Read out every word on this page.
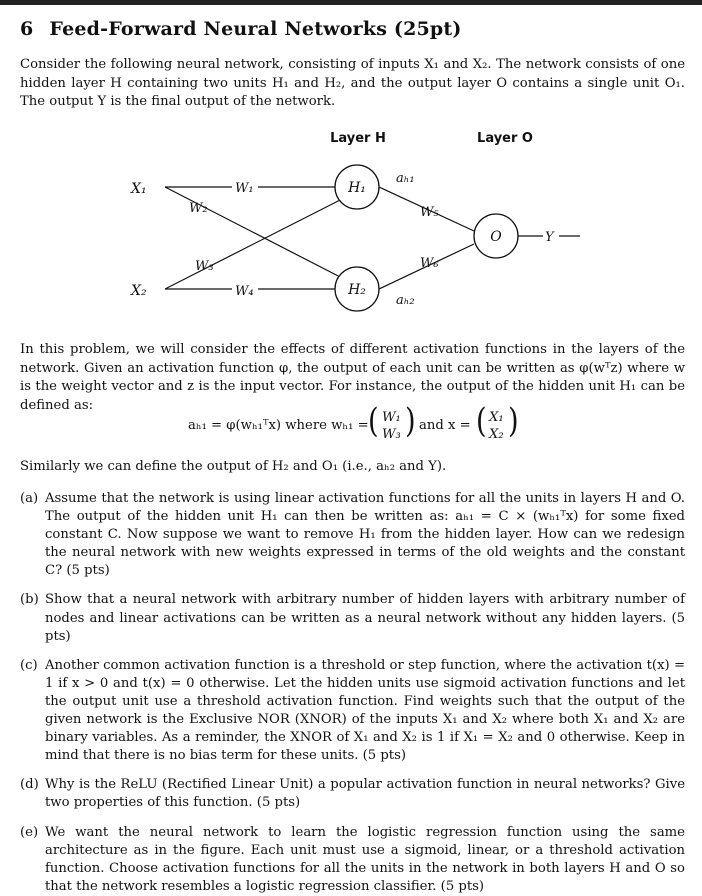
6 Feed-Forward Neural Networks (25pt)
Consider the following neural network, consisting of inputs X₁ and X₂. The network consists of one hidden layer H containing two units H₁ and H₂, and the output layer O contains a single unit O₁. The output Y is the final output of the network.
Layer H	Layer O
X₁
X₂
W₁
W₄
W₂
W₃
H₁
H₂
aₕ₁
aₕ₂
W₅
W₆
O	Y
In this problem, we will consider the effects of different activation functions in the layers of the network. Given an activation function φ, the output of each unit can be written as φ(wᵀz) where w is the weight vector and z is the input vector. For instance, the output of the hidden unit H₁ can be defined as:
aₕ₁ = φ(wₕ₁ᵀx) where wₕ₁ = ( W₁
W₃ ) and x = ( X₁
X₂ )
Similarly we can define the output of H₂ and O₁ (i.e., aₕ₂ and Y).
(a) Assume that the network is using linear activation functions for all the units in layers H and O. The output of the hidden unit H₁ can then be written as: aₕ₁ = C × (wₕ₁ᵀx) for some fixed constant C. Now suppose we want to remove H₁ from the hidden layer. How can we redesign the neural network with new weights expressed in terms of the old weights and the constant C? (5 pts)
(b) Show that a neural network with arbitrary number of hidden layers with arbitrary number of nodes and linear activations can be written as a neural network without any hidden layers. (5 pts)
(c) Another common activation function is a threshold or step function, where the activation t(x) = 1 if x > 0 and t(x) = 0 otherwise. Let the hidden units use sigmoid activation functions and let the output unit use a threshold activation function. Find weights such that the output of the given network is the Exclusive NOR (XNOR) of the inputs X₁ and X₂ where both X₁ and X₂ are binary variables. As a reminder, the XNOR of X₁ and X₂ is 1 if X₁ = X₂ and 0 otherwise. Keep in mind that there is no bias term for these units. (5 pts)
(d) Why is the ReLU (Rectified Linear Unit) a popular activation function in neural networks? Give two properties of this function. (5 pts)
(e) We want the neural network to learn the logistic regression function using the same architecture as in the figure. Each unit must use a sigmoid, linear, or a threshold activation function. Choose activation functions for all the units in the network in both layers H and O so that the network resembles a logistic regression classifier. (5 pts)
